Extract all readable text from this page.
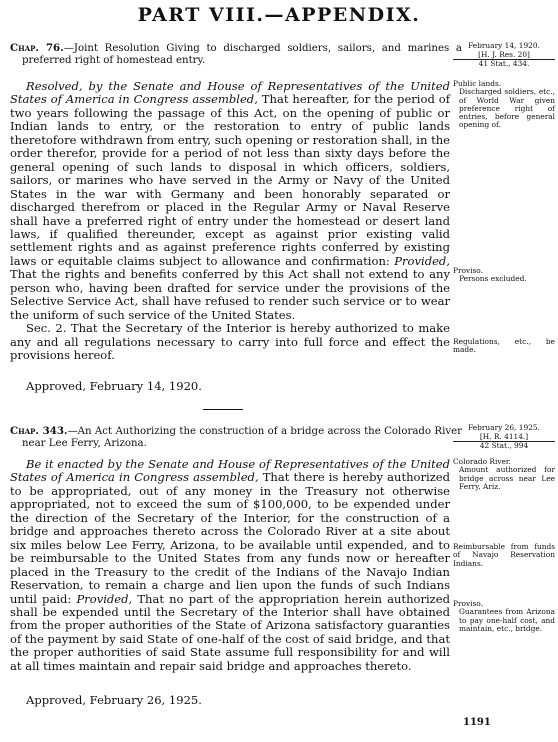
PART VIII.—APPENDIX.
Chap. 76.—Joint Resolution Giving to discharged soldiers, sailors, and marines a preferred right of homestead entry.
February 14, 1920.
[H. J. Res. 20]
41 Stat., 434.

Resolved, by the Senate and House of Representatives of the United States of America in Congress assembled, That hereafter, for the period of two years following the passage of this Act, on the opening of public or Indian lands to entry, or the restoration to entry of public lands theretofore withdrawn from entry, such opening or restoration shall, in the order therefor, provide for a period of not less than sixty days before the general opening of such lands to disposal in which officers, soldiers, sailors, or marines who have served in the Army or Navy of the United States in the war with Germany and been honorably separated or discharged therefrom or placed in the Regular Army or Naval Reserve shall have a preferred right of entry under the homestead or desert land laws, if qualified thereunder, except as against prior existing valid settlement rights and as against preference rights conferred by existing laws or equitable claims subject to allowance and confirmation: Provided, That the rights and benefits conferred by this Act shall not extend to any person who, having been drafted for service under the provisions of the Selective Service Act, shall have refused to render such service or to wear the uniform of such service of the United States.

Sec. 2. That the Secretary of the Interior is hereby authorized to make any and all regulations necessary to carry into full force and effect the provisions hereof.

Approved, February 14, 1920.
Public lands.
Discharged soldiers, etc., of World War given preference right of entries, before general opening of.
Proviso.
Persons excluded.
Regulations, etc., be made.
Chap. 343.—An Act Authorizing the construction of a bridge across the Colorado River near Lee Ferry, Arizona.
February 26, 1925.
[H. R. 4114.]
42 Stat., 994

Be it enacted by the Senate and House of Representatives of the United States of America in Congress assembled, That there is hereby authorized to be appropriated, out of any money in the Treasury not otherwise appropriated, not to exceed the sum of $100,000, to be expended under the direction of the Secretary of the Interior, for the construction of a bridge and approaches thereto across the Colorado River at a site about six miles below Lee Ferry, Arizona, to be available until expended, and to be reimbursable to the United States from any funds now or hereafter placed in the Treasury to the credit of the Indians of the Navajo Indian Reservation, to remain a charge and lien upon the funds of such Indians until paid: Provided, That no part of the appropriation herein authorized shall be expended until the Secretary of the Interior shall have obtained from the proper authorities of the State of Arizona satisfactory guaranties of the payment by said State of one-half of the cost of said bridge, and that the proper authorities of said State assume full responsibility for and will at all times maintain and repair said bridge and approaches thereto.

Approved, February 26, 1925.
Colorado River.
Amount authorized for bridge across near Lee Ferry, Ariz.
Reimbursable from funds of Navajo Reservation Indians.
Proviso.
Guarantees from Arizona to pay one-half cost, and maintain, etc., bridge.
1191
